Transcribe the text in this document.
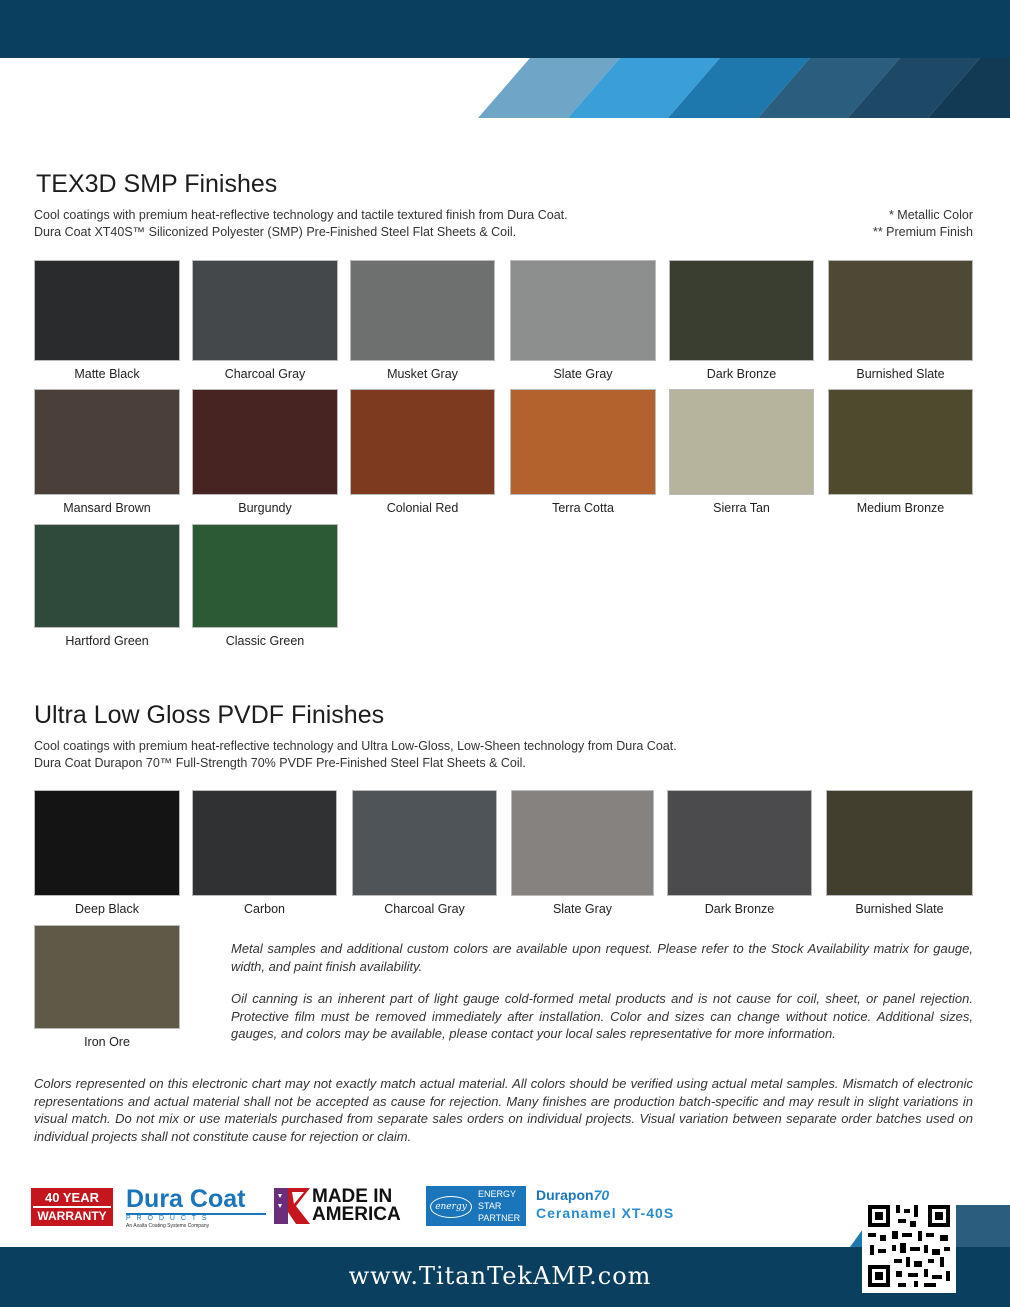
TEX3D SMP Finishes
Cool coatings with premium heat-reflective technology and tactile textured finish from Dura Coat.
Dura Coat XT40S™ Siliconized Polyester (SMP) Pre-Finished Steel Flat Sheets & Coil.
* Metallic Color
** Premium Finish
Matte Black	Charcoal Gray	Musket Gray	Slate Gray	Dark Bronze	Burnished Slate
Mansard Brown	Burgundy	Colonial Red	Terra Cotta	Sierra Tan	Medium Bronze
Hartford Green	Classic Green
Ultra Low Gloss PVDF Finishes
Cool coatings with premium heat-reflective technology and Ultra Low-Gloss, Low-Sheen technology from Dura Coat.
Dura Coat Durapon 70™ Full-Strength 70% PVDF Pre-Finished Steel Flat Sheets & Coil.
Deep Black	Carbon	Charcoal Gray	Slate Gray	Dark Bronze	Burnished Slate
Iron Ore

Metal samples and additional custom colors are available upon request. Please refer to the Stock Availability matrix for gauge, width, and paint finish availability.

Oil canning is an inherent part of light gauge cold-formed metal products and is not cause for coil, sheet, or panel rejection. Protective film must be removed immediately after installation. Color and sizes can change without notice. Additional sizes, gauges, and colors may be available, please contact your local sales representative for more information.

Colors represented on this electronic chart may not exactly match actual material. All colors should be verified using actual metal samples. Mismatch of electronic representations and actual material shall not be accepted as cause for rejection. Many finishes are production batch-specific and may result in slight variations in visual match. Do not mix or use materials purchased from separate sales orders on individual projects. Visual variation between separate order batches used on individual projects shall not constitute cause for rejection or claim.

40 YEAR
WARRANTY
Dura Coat
P R O D U C T S
An Axalta Coating Systems Company
MADE IN
AMERICA	energy
ENERGY
STAR
PARTNER
Durapon70
Ceranamel XT-40S
www.TitanTekAMP.com
